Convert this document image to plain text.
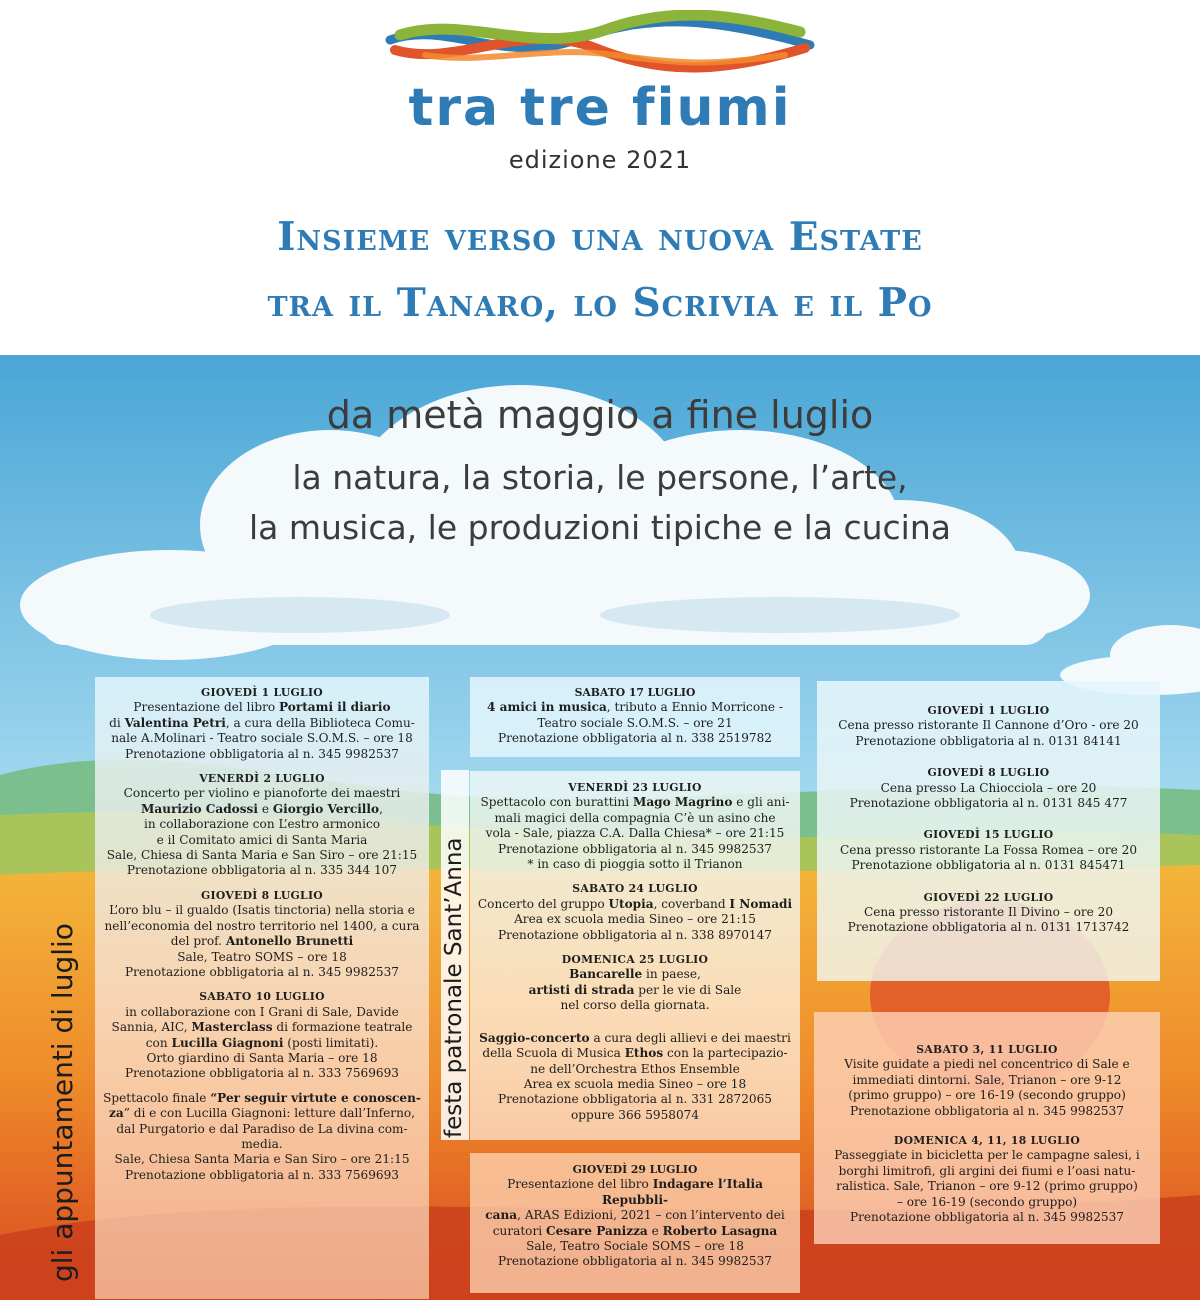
tra tre fiumi
edizione 2021
Insieme verso una nuova Estate
tra il Tanaro, lo Scrivia e il Po
da metà maggio a fine luglio
la natura, la storia, le persone, l’arte,
la musica, le produzioni tipiche e la cucina
gli appuntamenti di luglio	festa patronale Sant’Anna
GIOVEDÌ 1 LUGLIO
Presentazione del libro Portami il diario
di Valentina Petri, a cura della Biblioteca Comu-
nale A.Molinari - Teatro sociale S.O.M.S. – ore 18
Prenotazione obbligatoria al n. 345 9982537
VENERDÌ 2 LUGLIO
Concerto per violino e pianoforte dei maestri
Maurizio Cadossi e Giorgio Vercillo,
in collaborazione con L’estro armonico
e il Comitato amici di Santa Maria
Sale, Chiesa di Santa Maria e San Siro – ore 21:15
Prenotazione obbligatoria al n. 335 344 107
GIOVEDÌ 8 LUGLIO
L’oro blu – il gualdo (Isatis tinctoria) nella storia e
nell’economia del nostro territorio nel 1400, a cura
del prof. Antonello Brunetti
Sale, Teatro SOMS – ore 18
Prenotazione obbligatoria al n. 345 9982537
SABATO 10 LUGLIO
in collaborazione con I Grani di Sale, Davide
Sannia, AIC, Masterclass di formazione teatrale
con Lucilla Giagnoni (posti limitati).
Orto giardino di Santa Maria – ore 18
Prenotazione obbligatoria al n. 333 7569693
Spettacolo finale “Per seguir virtute e conoscen-
za” di e con Lucilla Giagnoni: letture dall’Inferno,
dal Purgatorio e dal Paradiso de La divina com-
media.
Sale, Chiesa Santa Maria e San Siro – ore 21:15
Prenotazione obbligatoria al n. 333 7569693
SABATO 17 LUGLIO
4 amici in musica, tributo a Ennio Morricone -
Teatro sociale S.O.M.S. – ore 21
Prenotazione obbligatoria al n. 338 2519782
VENERDÌ 23 LUGLIO
Spettacolo con burattini Mago Magrino e gli ani-
mali magici della compagnia C’è un asino che
vola - Sale, piazza C.A. Dalla Chiesa* – ore 21:15
Prenotazione obbligatoria al n. 345 9982537
* in caso di pioggia sotto il Trianon
SABATO 24 LUGLIO
Concerto del gruppo Utopia, coverband I Nomadi
Area ex scuola media Sineo – ore 21:15
Prenotazione obbligatoria al n. 338 8970147
DOMENICA 25 LUGLIO
Bancarelle in paese,
artisti di strada per le vie di Sale
nel corso della giornata.
Saggio-concerto a cura degli allievi e dei maestri
della Scuola di Musica Ethos con la partecipazio-
ne dell’Orchestra Ethos Ensemble
Area ex scuola media Sineo – ore 18
Prenotazione obbligatoria al n. 331 2872065
oppure 366 5958074
GIOVEDÌ 29 LUGLIO
Presentazione del libro Indagare l’Italia Repubbli-
cana, ARAS Edizioni, 2021 – con l’intervento dei
curatori Cesare Panizza e Roberto Lasagna
Sale, Teatro Sociale SOMS – ore 18
Prenotazione obbligatoria al n. 345 9982537
GIOVEDÌ 1 LUGLIO
Cena presso ristorante Il Cannone d’Oro - ore 20
Prenotazione obbligatoria al n. 0131 84141
GIOVEDÌ 8 LUGLIO
Cena presso La Chiocciola – ore 20
Prenotazione obbligatoria al n. 0131 845 477
GIOVEDÌ 15 LUGLIO
Cena presso ristorante La Fossa Romea – ore 20
Prenotazione obbligatoria al n. 0131 845471
GIOVEDÌ 22 LUGLIO
Cena presso ristorante Il Divino – ore 20
Prenotazione obbligatoria al n. 0131 1713742
SABATO 3, 11 LUGLIO
Visite guidate a piedi nel concentrico di Sale e
immediati dintorni. Sale, Trianon – ore 9-12
(primo gruppo) – ore 16-19 (secondo gruppo)
Prenotazione obbligatoria al n. 345 9982537
DOMENICA 4, 11, 18 LUGLIO
Passeggiate in bicicletta per le campagne salesi, i
borghi limitrofi, gli argini dei fiumi e l’oasi natu-
ralistica. Sale, Trianon – ore 9-12 (primo gruppo)
– ore 16-19 (secondo gruppo)
Prenotazione obbligatoria al n. 345 9982537
